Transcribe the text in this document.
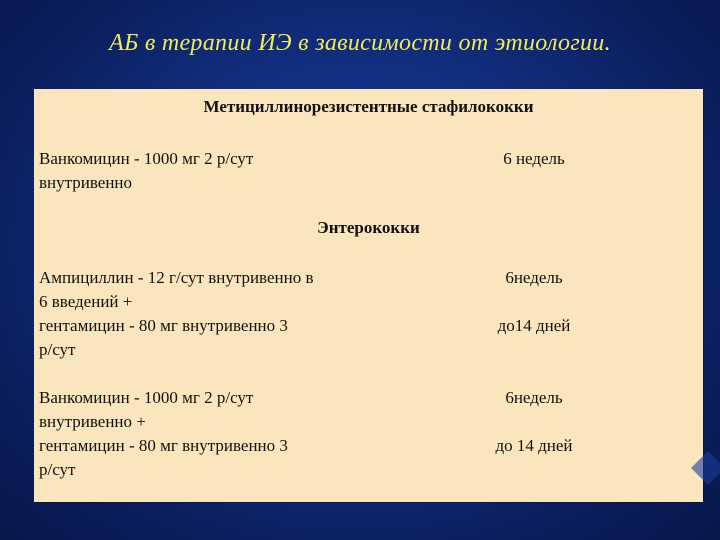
АБ в терапии ИЭ в зависимости от этиологии.
Метициллинорезистентные стафилококки
Ванкомицин - 1000 мг 2 р/сут
внутривенно
6 недель
Энтерококки
Ампициллин - 12 г/сут внутривенно в
6 введений +
гентамицин - 80 мг внутривенно 3
р/сут
6недель
до14 дней
Ванкомицин - 1000 мг 2 р/сут
внутривенно +
гентамицин - 80 мг внутривенно 3
р/сут
6недель
до 14 дней
